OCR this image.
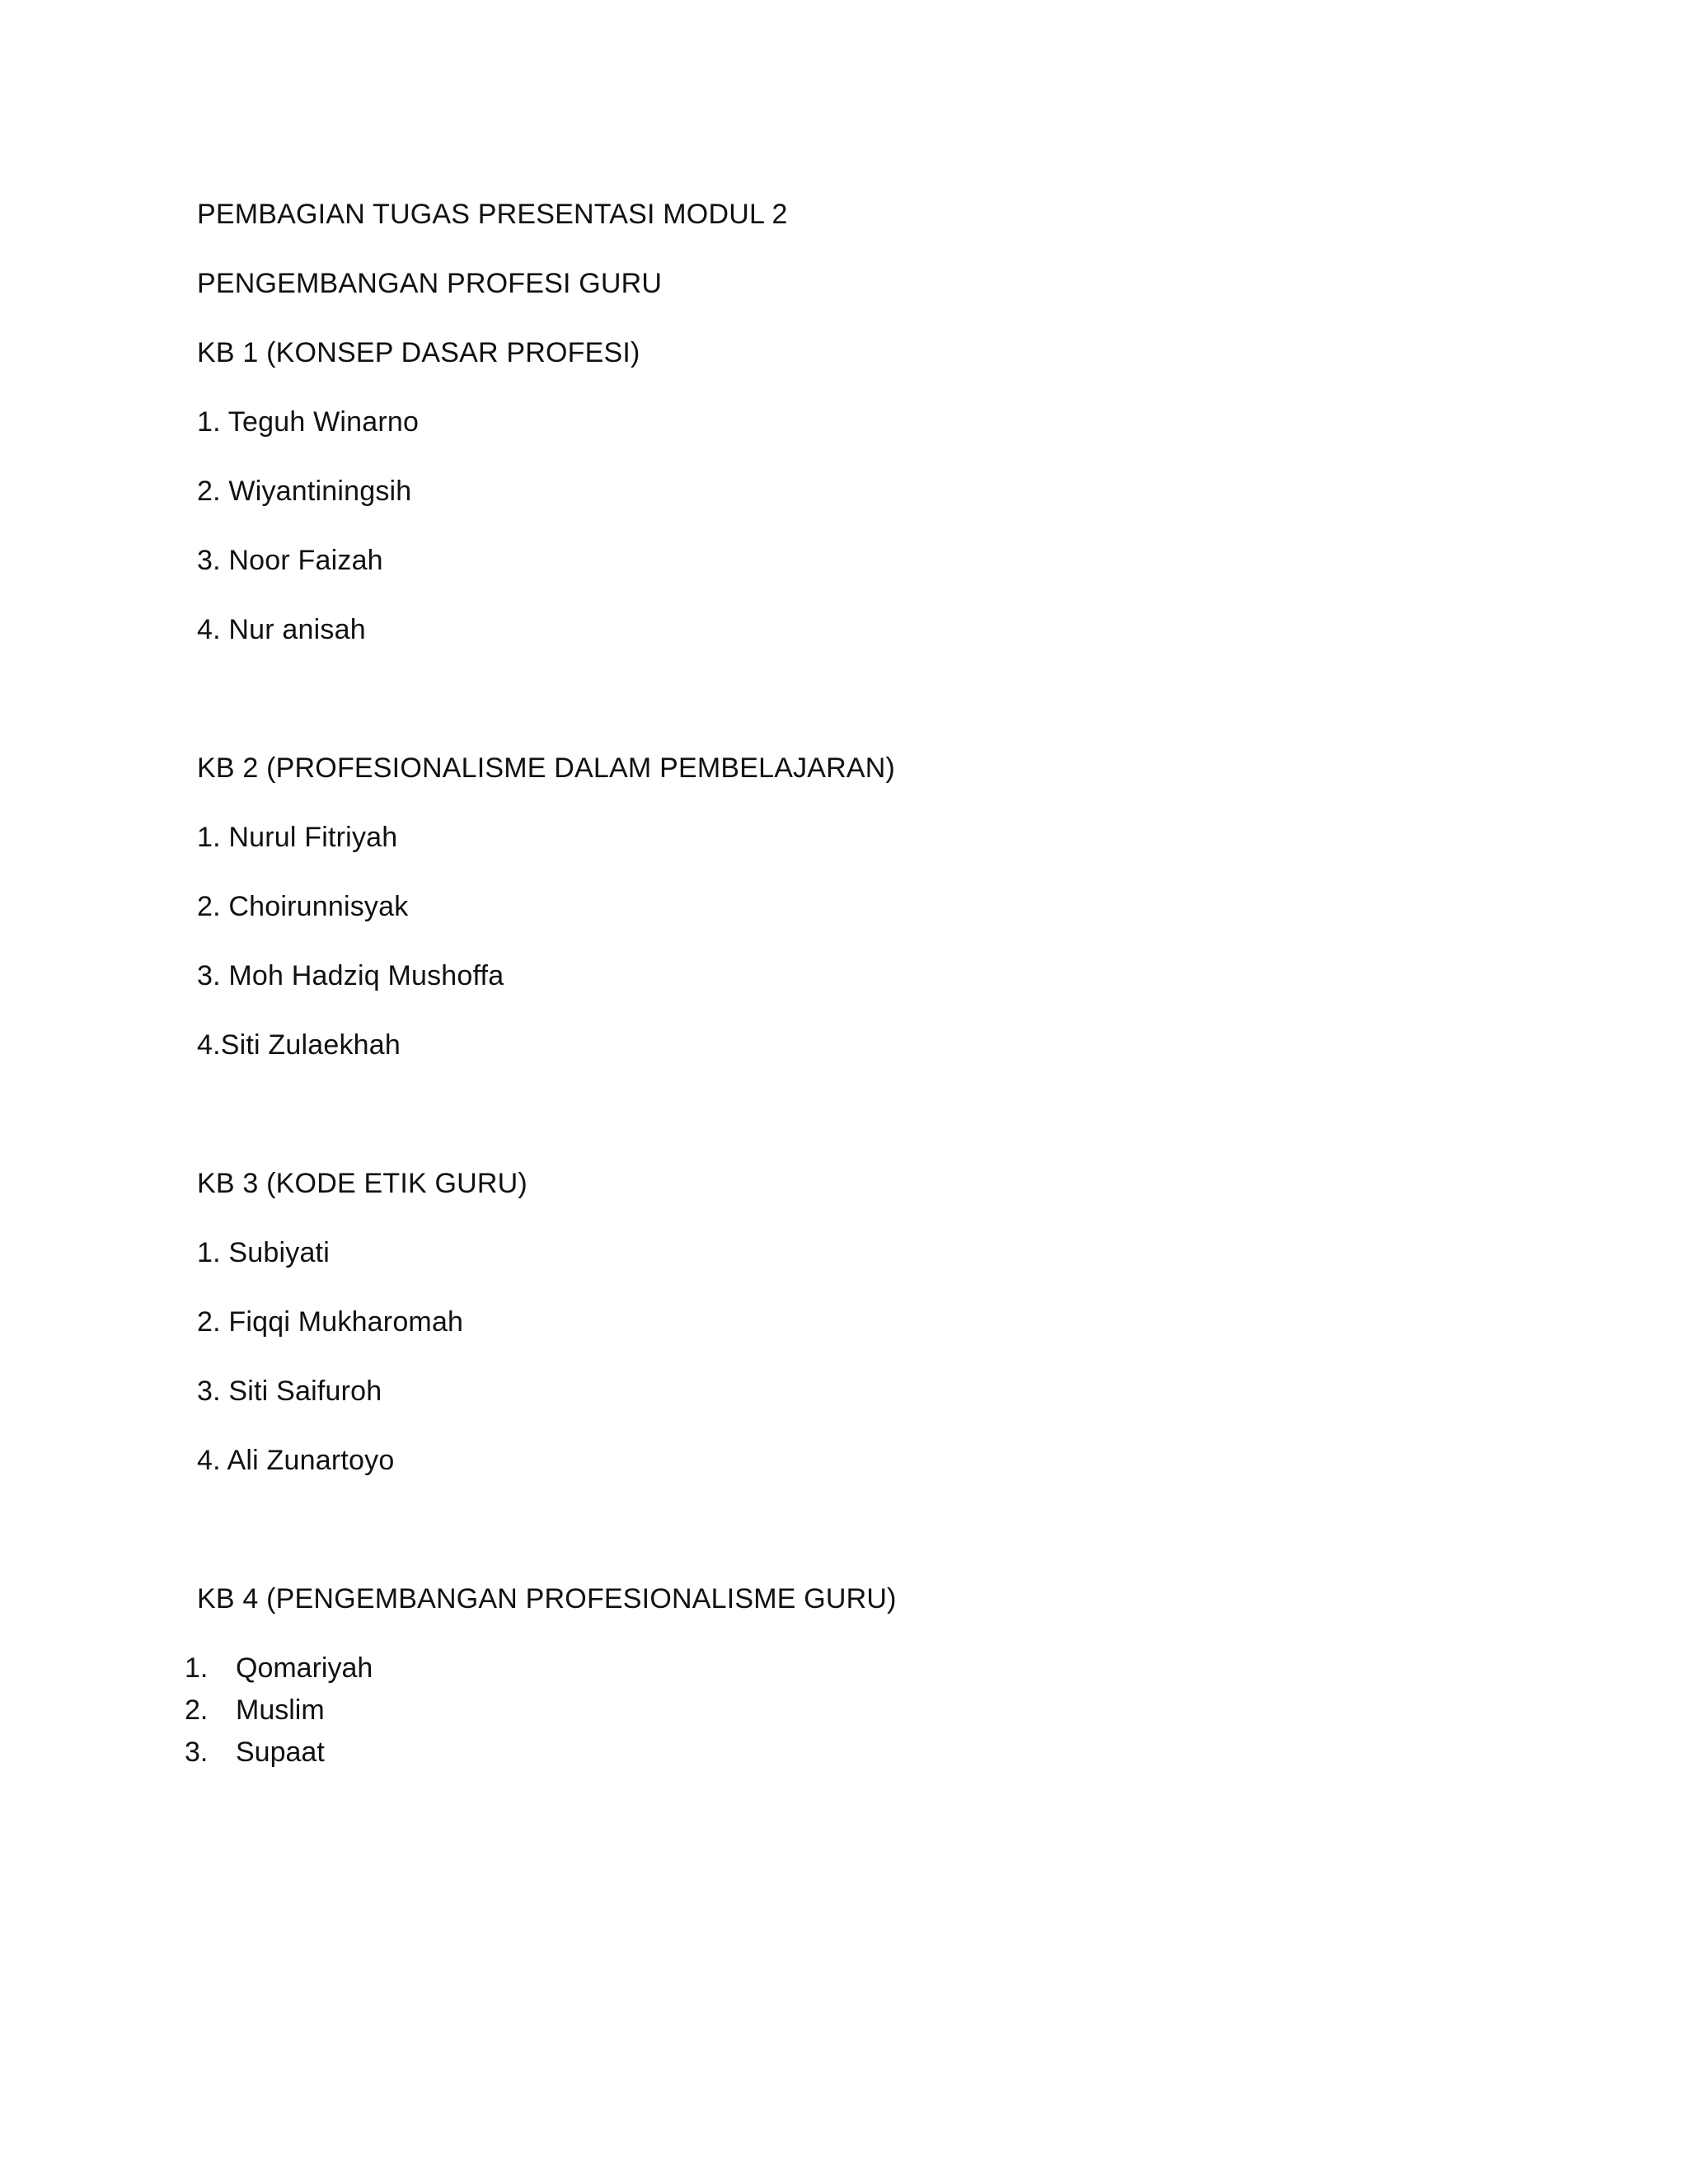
PEMBAGIAN TUGAS PRESENTASI MODUL 2
PENGEMBANGAN PROFESI GURU
KB 1 (KONSEP DASAR PROFESI)
1. Teguh Winarno
2. Wiyantiningsih
3. Noor Faizah
4. Nur anisah
KB 2 (PROFESIONALISME DALAM PEMBELAJARAN)
1. Nurul Fitriyah
2. Choirunnisyak
3. Moh Hadziq Mushoffa
4.Siti Zulaekhah
KB 3 (KODE ETIK GURU)
1. Subiyati
2. Fiqqi Mukharomah
3. Siti Saifuroh
4. Ali Zunartoyo
KB 4 (PENGEMBANGAN PROFESIONALISME GURU)
1. Qomariyah
2. Muslim
3. Supaat
